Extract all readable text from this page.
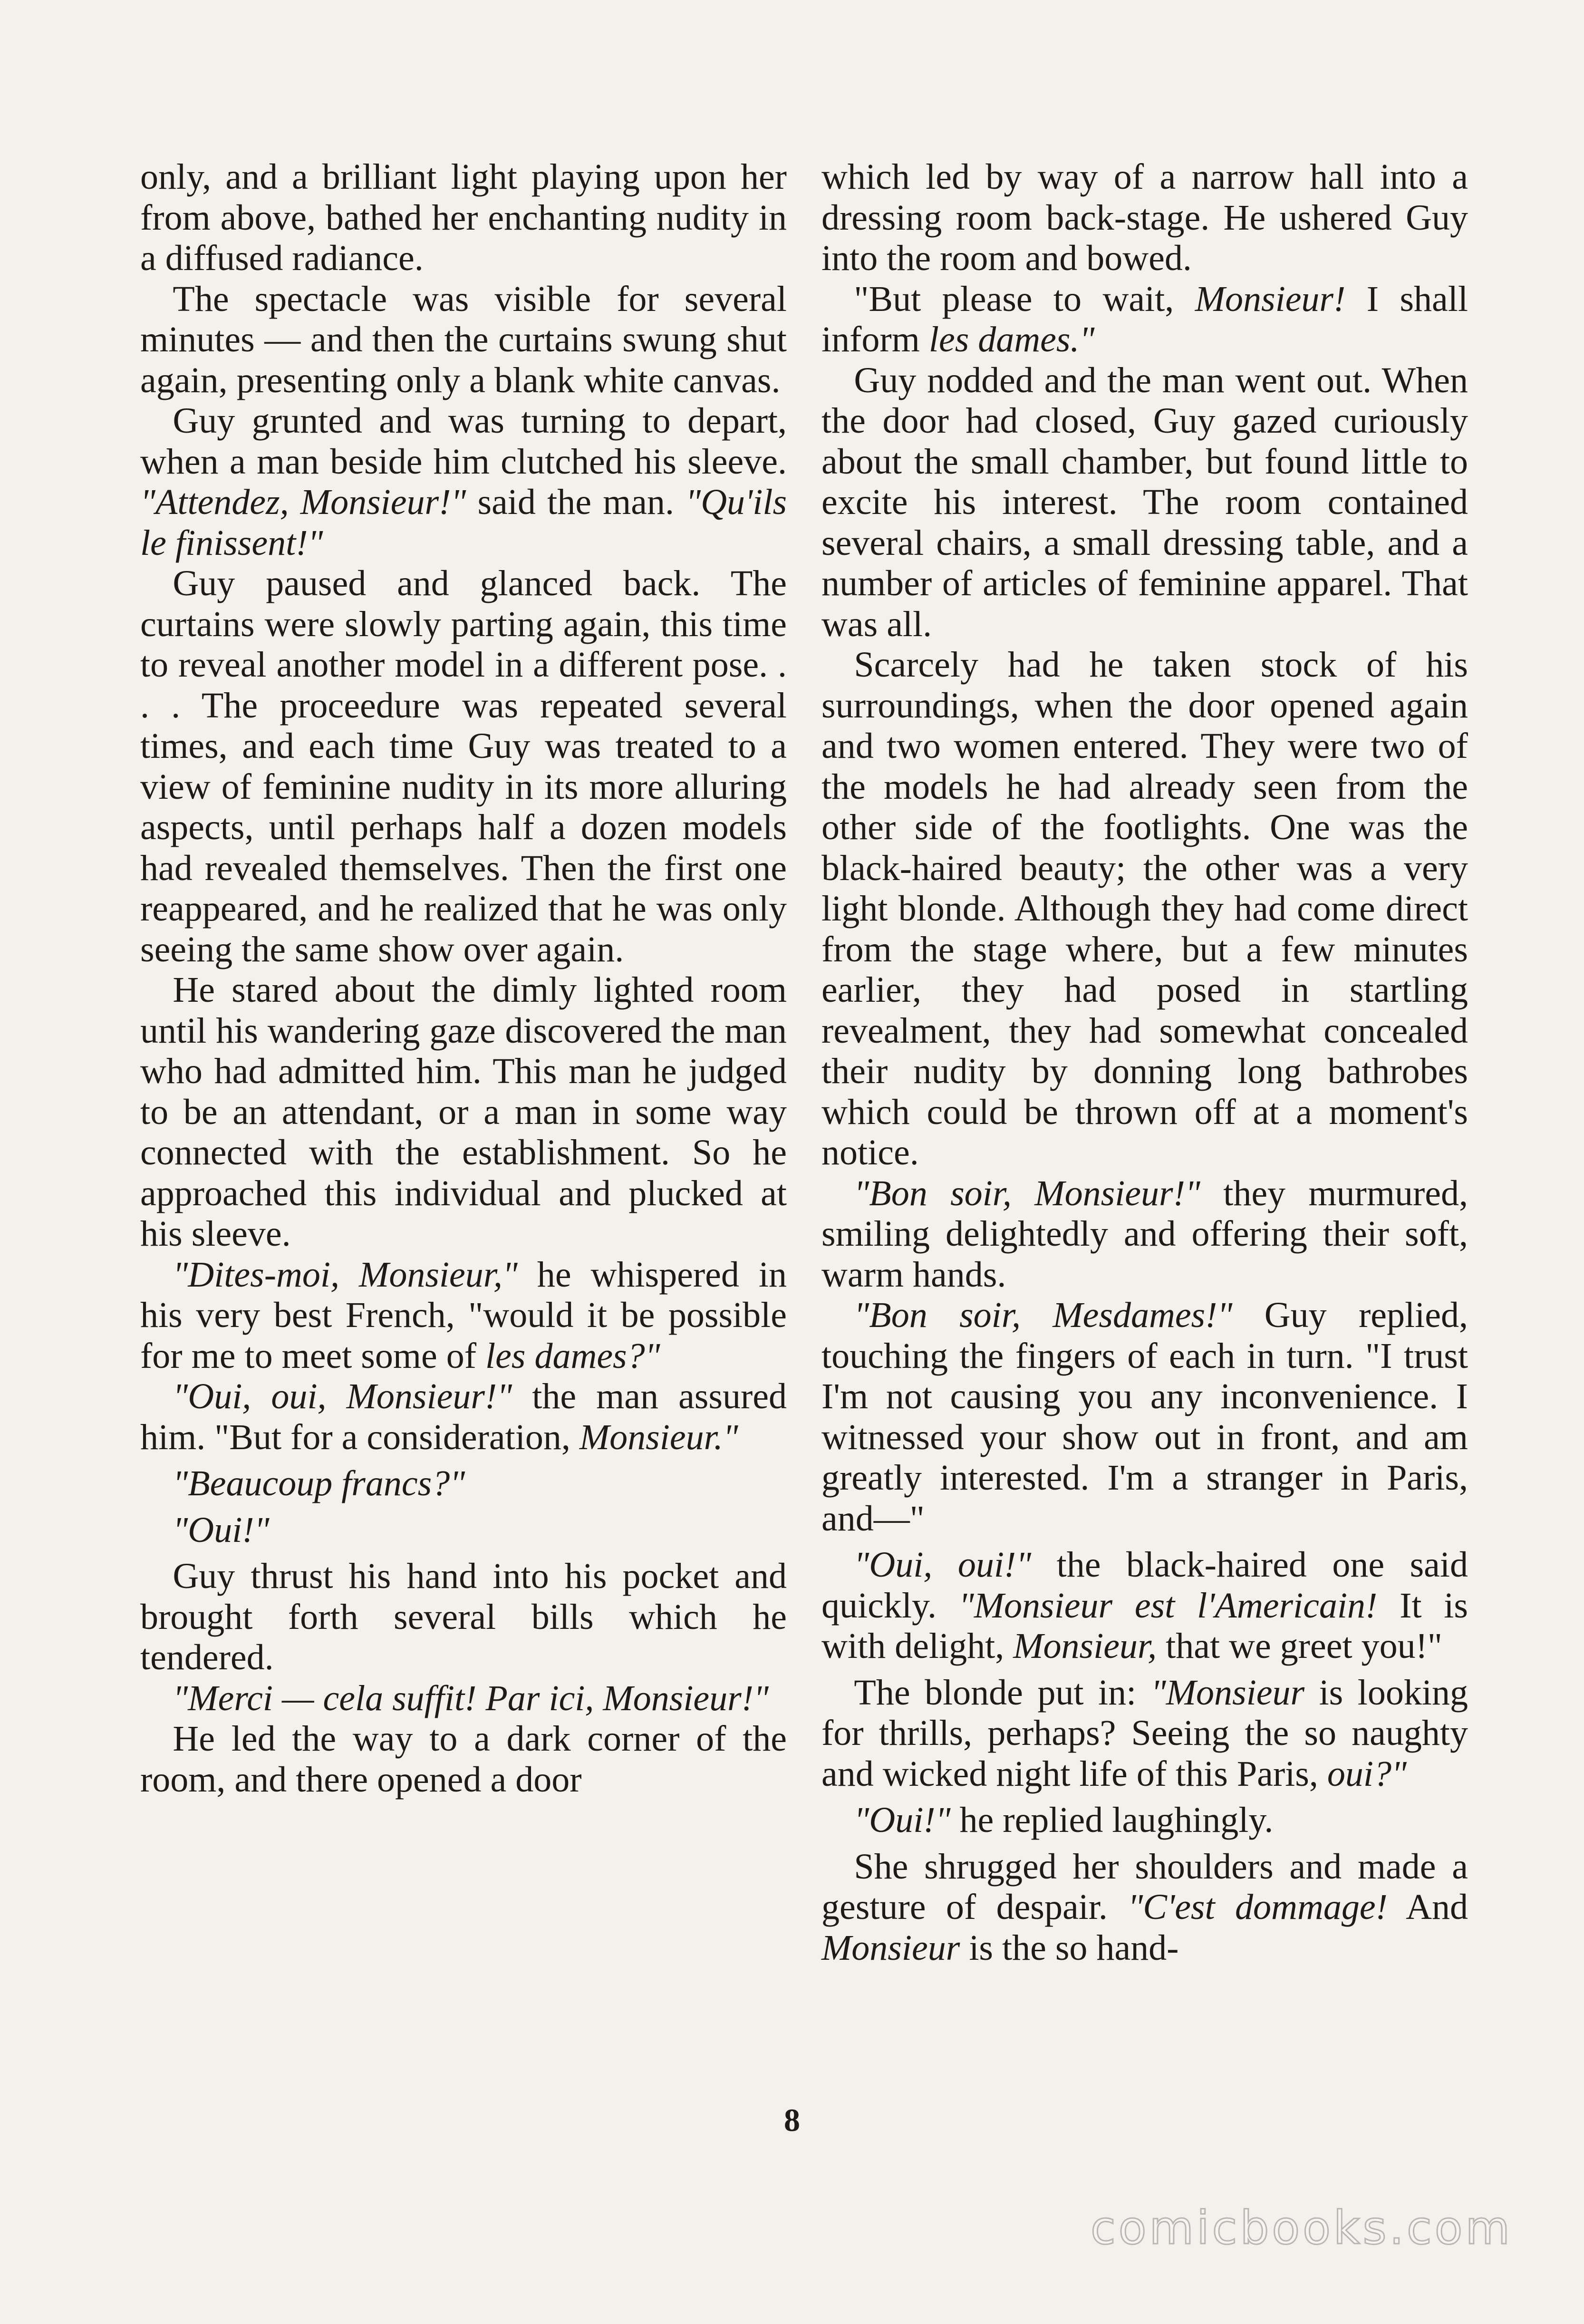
only, and a brilliant light playing upon her from above, bathed her enchanting nudity in a diffused radiance.

The spectacle was visible for several minutes — and then the curtains swung shut again, presenting only a blank white canvas.

Guy grunted and was turning to depart, when a man beside him clutched his sleeve. "Attendez, Monsieur!" said the man. "Qu'ils le finissent!"

Guy paused and glanced back. The curtains were slowly parting again, this time to reveal another model in a different pose. . . . The proceedure was repeated several times, and each time Guy was treated to a view of feminine nudity in its more alluring aspects, until perhaps half a dozen models had revealed themselves. Then the first one reappeared, and he realized that he was only seeing the same show over again.

He stared about the dimly lighted room until his wandering gaze discovered the man who had admitted him. This man he judged to be an attendant, or a man in some way connected with the establishment. So he approached this individual and plucked at his sleeve.

"Dites-moi, Monsieur," he whispered in his very best French, "would it be possible for me to meet some of les dames?"

"Oui, oui, Monsieur!" the man assured him. "But for a consideration, Monsieur."

"Beaucoup francs?"

"Oui!"

Guy thrust his hand into his pocket and brought forth several bills which he tendered.

"Merci — cela suffit! Par ici, Monsieur!"

He led the way to a dark corner of the room, and there opened a door

which led by way of a narrow hall into a dressing room back-stage. He ushered Guy into the room and bowed.

"But please to wait, Monsieur! I shall inform les dames."

Guy nodded and the man went out. When the door had closed, Guy gazed curiously about the small chamber, but found little to excite his interest. The room contained several chairs, a small dressing table, and a number of articles of feminine apparel. That was all.

Scarcely had he taken stock of his surroundings, when the door opened again and two women entered. They were two of the models he had already seen from the other side of the footlights. One was the black-haired beauty; the other was a very light blonde. Although they had come direct from the stage where, but a few minutes earlier, they had posed in startling revealment, they had somewhat concealed their nudity by donning long bathrobes which could be thrown off at a moment's notice.

"Bon soir, Monsieur!" they murmured, smiling delightedly and offering their soft, warm hands.

"Bon soir, Mesdames!" Guy replied, touching the fingers of each in turn. "I trust I'm not causing you any inconvenience. I witnessed your show out in front, and am greatly interested. I'm a stranger in Paris, and—"

"Oui, oui!" the black-haired one said quickly. "Monsieur est l'Americain! It is with delight, Monsieur, that we greet you!"

The blonde put in: "Monsieur is looking for thrills, perhaps? Seeing the so naughty and wicked night life of this Paris, oui?"

"Oui!" he replied laughingly.

She shrugged her shoulders and made a gesture of despair. "C'est dommage! And Monsieur is the so hand-

8
comicbooks.com
